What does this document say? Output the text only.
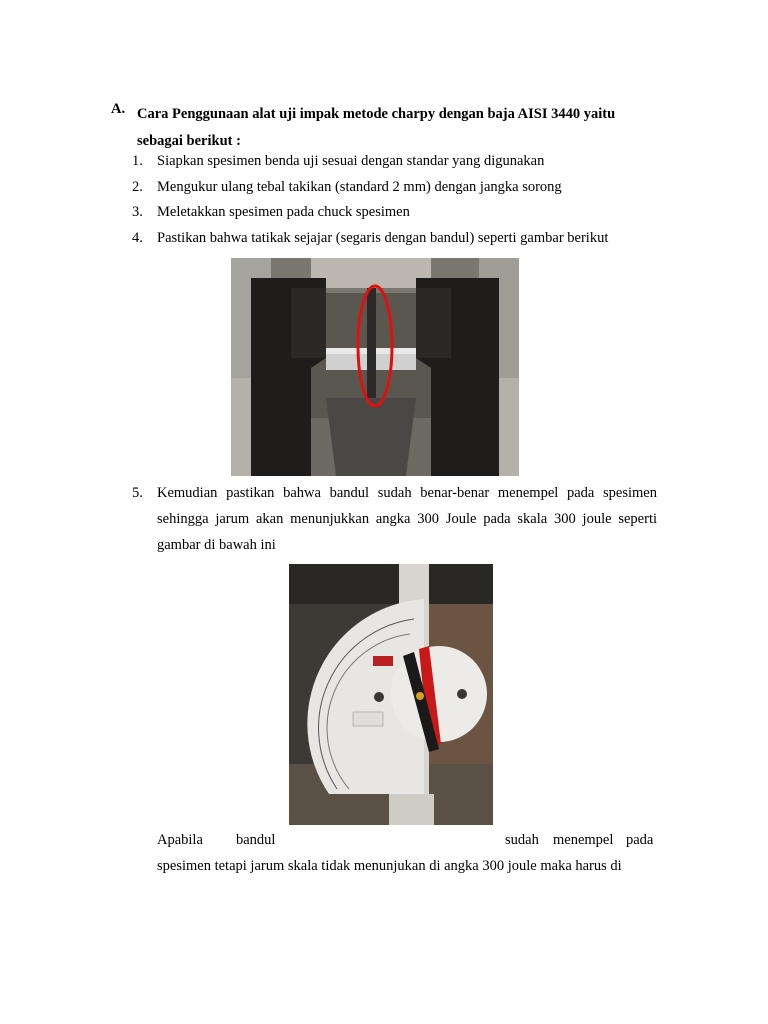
A. Cara Penggunaan alat uji impak metode charpy dengan baja AISI 3440 yaitu sebagai berikut :
1. Siapkan spesimen benda uji sesuai dengan standar yang digunakan
2. Mengukur ulang tebal takikan (standard 2 mm) dengan jangka sorong
3. Meletakkan spesimen pada chuck spesimen
4. Pastikan bahwa tatikak sejajar (segaris dengan bandul) seperti gambar berikut
5. Kemudian pastikan bahwa bandul sudah benar-benar menempel pada spesimen sehingga jarum akan menunjukkan angka 300 Joule pada skala 300 joule seperti gambar di bawah ini
Apabila bandul	sudah menempel pada
spesimen tetapi jarum skala tidak menunjukan di angka 300 joule maka harus di
